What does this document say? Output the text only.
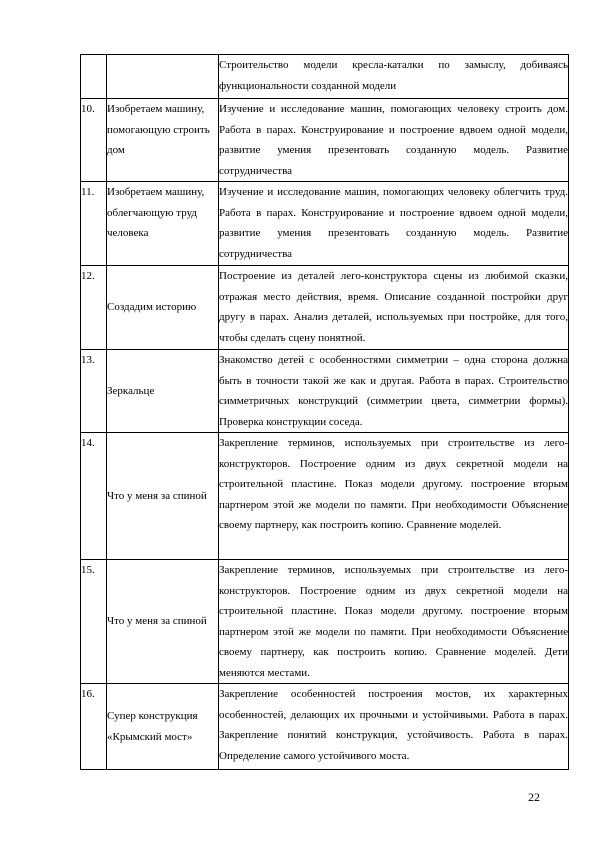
		Строительство модели кресла-каталки по замыслу, добиваясь функциональности созданной модели
10.	Изобретаем машину, помогающую строить дом	Изучение и исследование машин, помогающих человеку строить дом. Работа в парах. Конструирование и построение вдвоем одной модели, развитие умения презентовать созданную модель. Развитие сотрудничества
11.	Изобретаем машину, облегчающую труд человека	Изучение и исследование машин, помогающих человеку облегчить труд. Работа в парах. Конструирование и построение вдвоем одной модели, развитие умения презентовать созданную модель. Развитие сотрудничества
12.	Создадим историю	Построение из деталей лего-конструктора сцены из любимой сказки, отражая место действия, время. Описание созданной постройки друг другу в парах. Анализ деталей, используемых при постройке, для того, чтобы сделать сцену понятной.
13.	Зеркальце	Знакомство детей с особенностями симметрии – одна сторона должна быть в точности такой же как и другая. Работа в парах. Строительство симметричных конструкций (симметрии цвета, симметрии формы). Проверка конструкции соседа.
14.	Что у меня за спиной	Закрепление терминов, используемых при строительстве из лего-конструкторов. Построение одним из двух секретной модели на строительной пластине. Показ модели другому. построение вторым партнером этой же модели по памяти. При необходимости Объяснение своему партнеру, как построить копию. Сравнение моделей.
15.	Что у меня за спиной	Закрепление терминов, используемых при строительстве из лего-конструкторов. Построение одним из двух секретной модели на строительной пластине. Показ модели другому. построение вторым партнером этой же модели по памяти. При необходимости Объяснение своему партнеру, как построить копию. Сравнение моделей. Дети меняются местами.
16.	Супер конструкция «Крымский мост»	Закрепление особенностей построения мостов, их характерных особенностей, делающих их прочными и устойчивыми. Работа в парах. Закрепление понятий конструкция, устойчивость. Работа в парах. Определение самого устойчивого моста.
22
